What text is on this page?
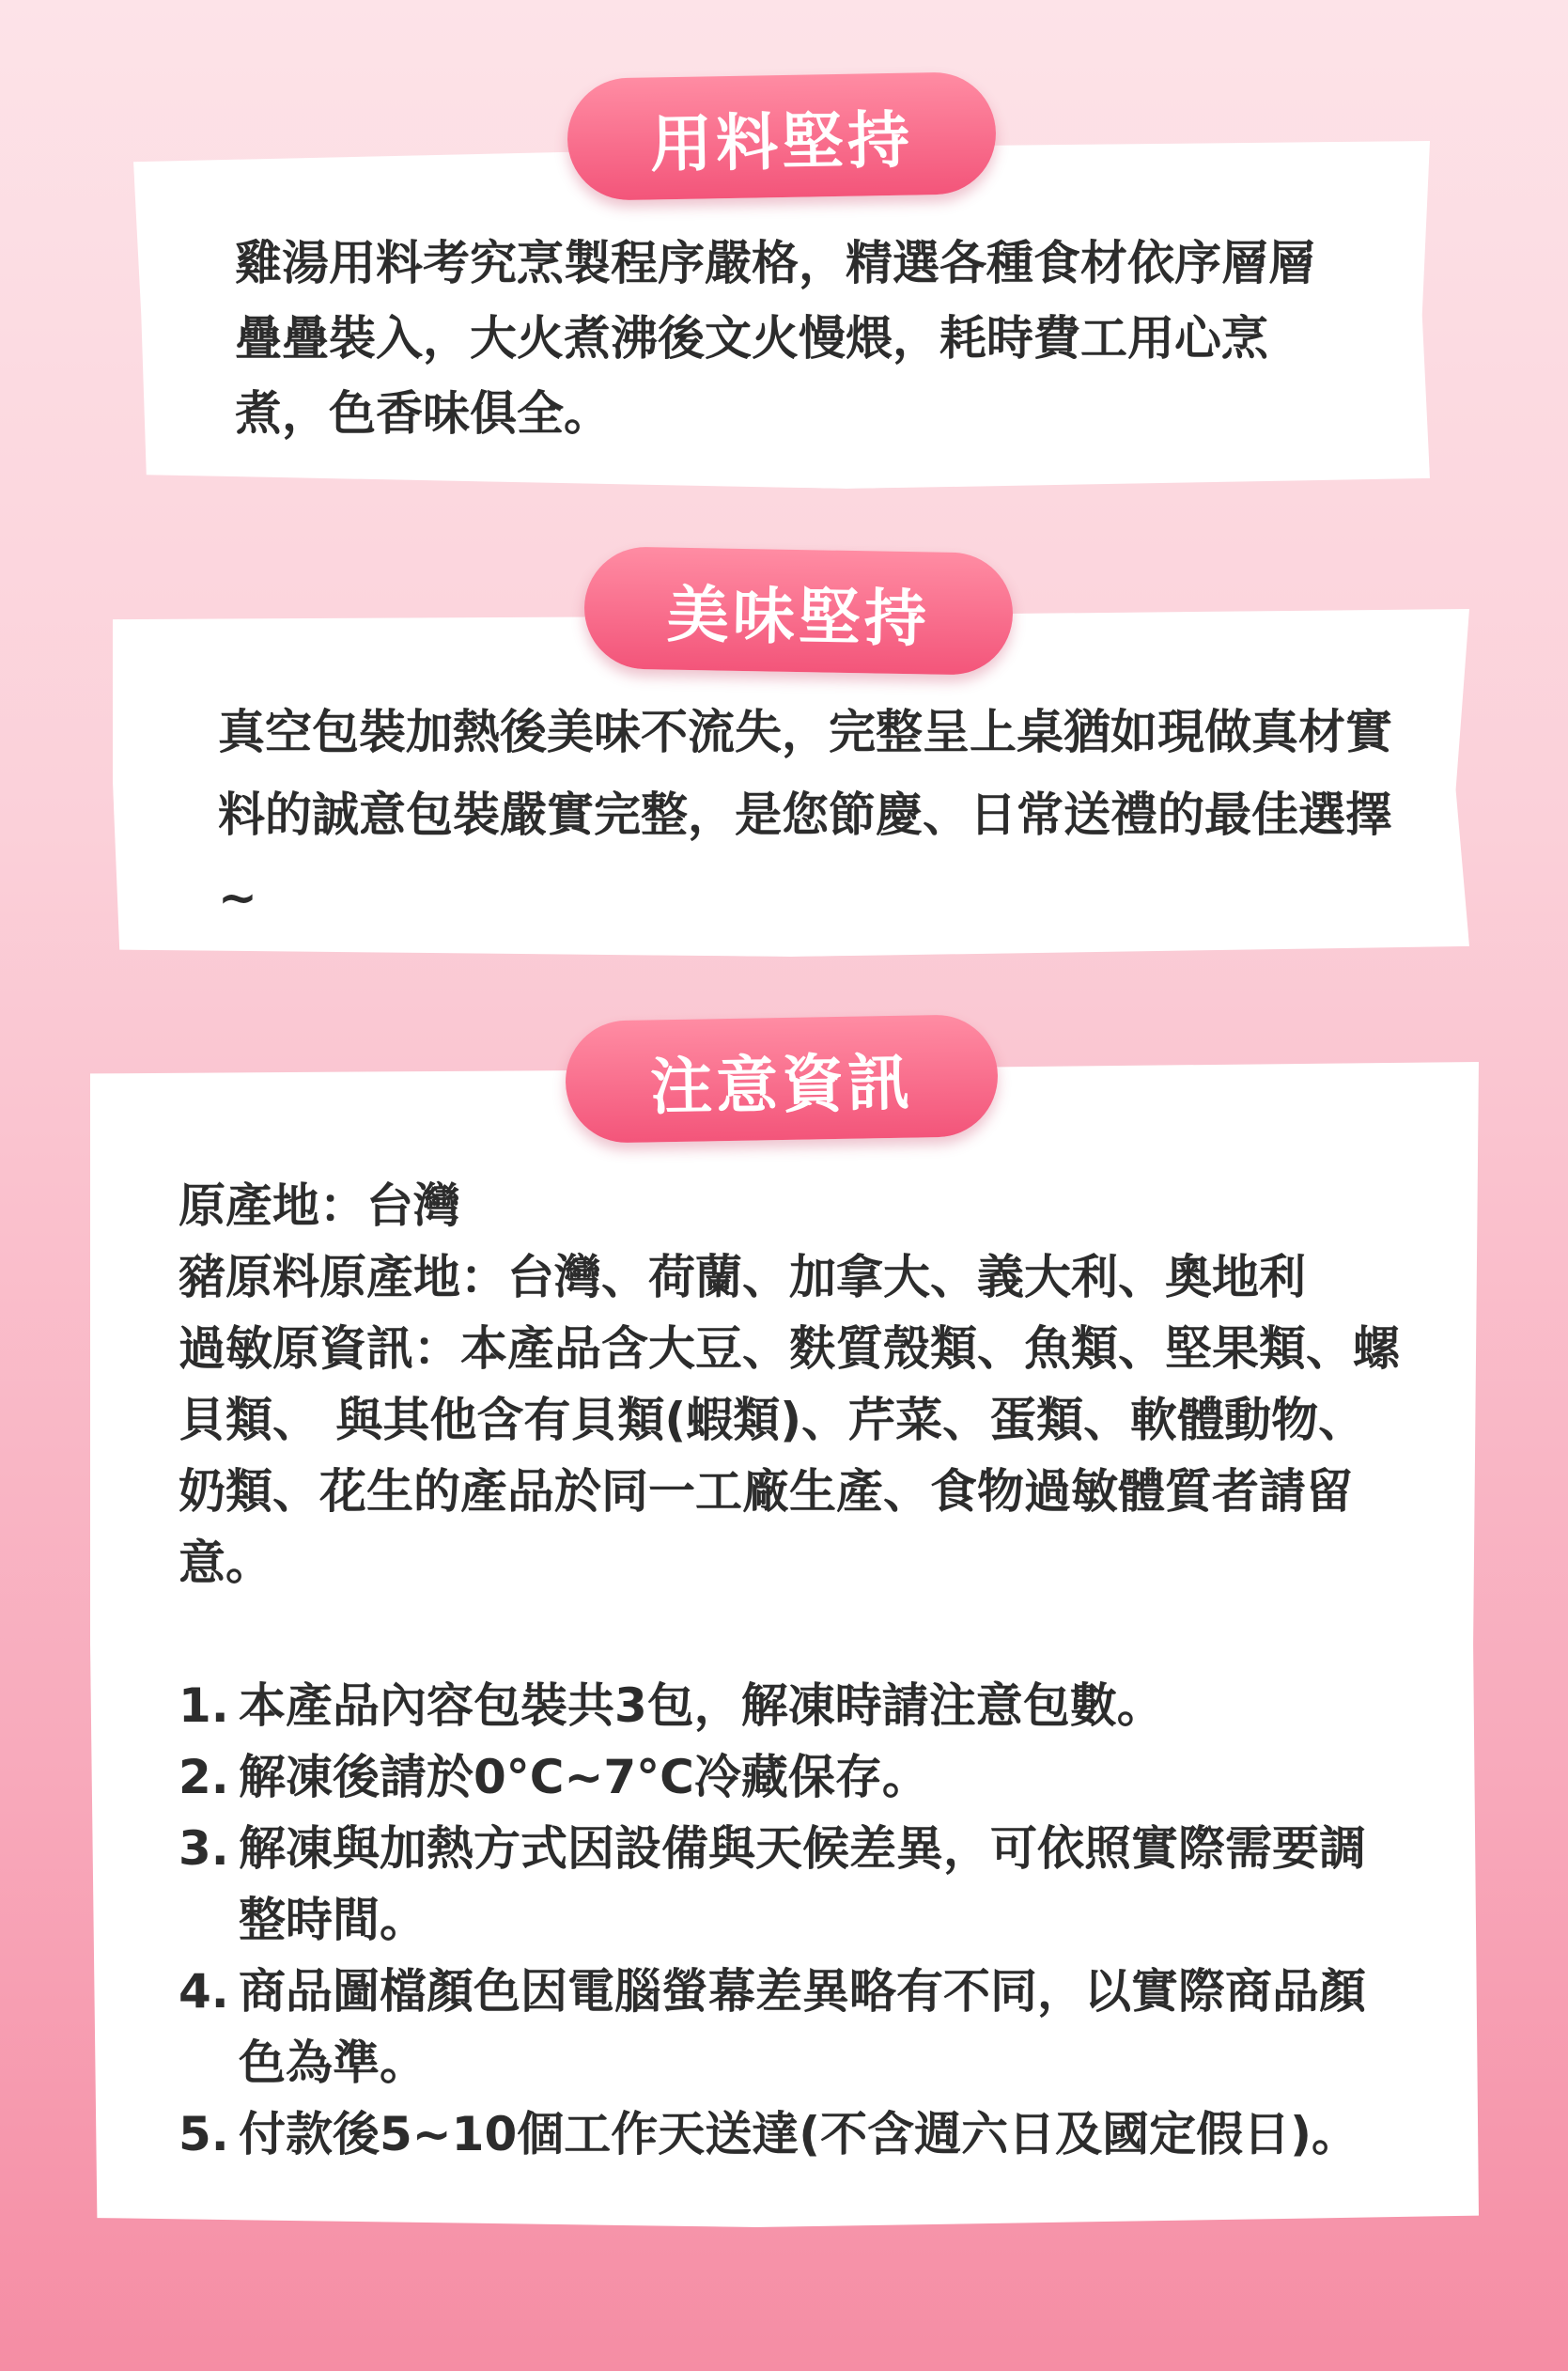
用料堅持

雞湯用料考究烹製程序嚴格，精選各種食材依序層層疊疊裝入，大火煮沸後文火慢煨，耗時費工用心烹煮，色香味俱全。

美味堅持

真空包裝加熱後美味不流失，完整呈上桌猶如現做真材實料的誠意包裝嚴實完整，是您節慶、日常送禮的最佳選擇~

注意資訊

原產地：台灣

豬原料原產地：台灣、荷蘭、加拿大、義大利、奧地利

過敏原資訊：本產品含大豆、麩質殼類、魚類、堅果類、螺貝類、 與其他含有貝類(蝦類)、芹菜、蛋類、軟體動物、奶類、花生的產品於同一工廠生產、食物過敏體質者請留意。

1. 本產品內容包裝共3包，解凍時請注意包數。
2. 解凍後請於0°C~7°C冷藏保存。
3. 解凍與加熱方式因設備與天候差異，可依照實際需要調整時間。
4. 商品圖檔顏色因電腦螢幕差異略有不同，以實際商品顏色為準。
5. 付款後5~10個工作天送達(不含週六日及國定假日)。
